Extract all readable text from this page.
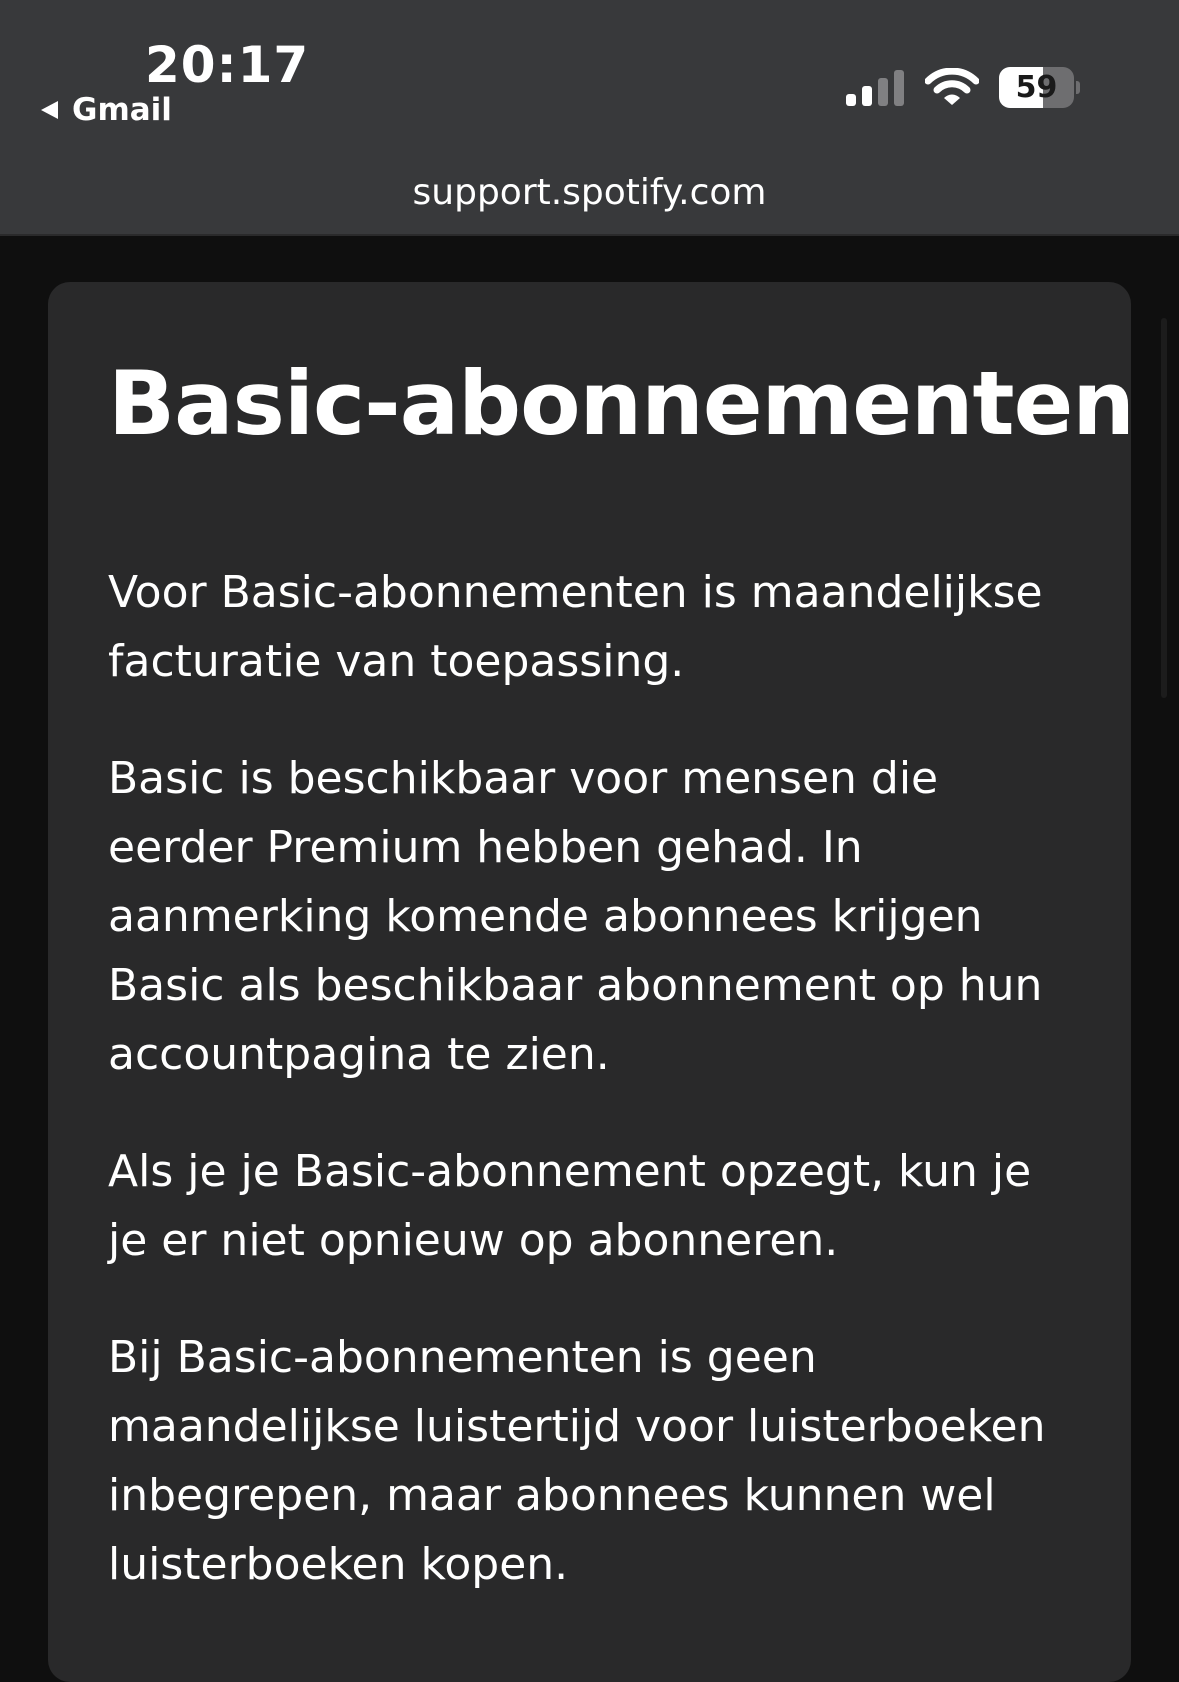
20:17
Gmail
59
support.spotify.com
Basic-abonnementen

Voor Basic-abonnementen is maandelijkse facturatie van toepassing.

Basic is beschikbaar voor mensen die eerder Premium hebben gehad. In aanmerking komende abonnees krijgen Basic als beschikbaar abonnement op hun accountpagina te zien.

Als je je Basic-abonnement opzegt, kun je je er niet opnieuw op abonneren.

Bij Basic-abonnementen is geen maandelijkse luistertijd voor luisterboeken inbegrepen, maar abonnees kunnen wel luisterboeken kopen.
